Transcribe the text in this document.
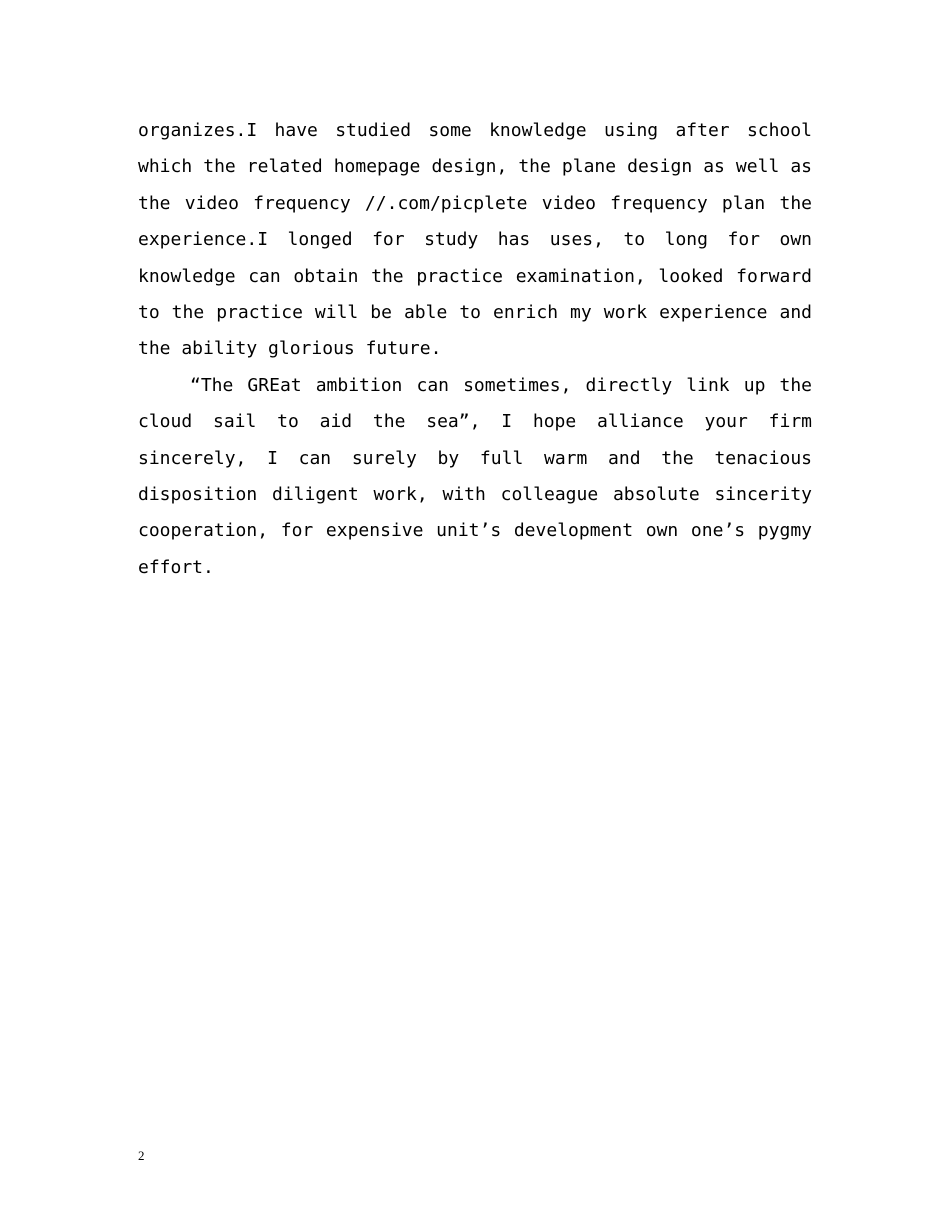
organizes.I have studied some knowledge using after school which the related homepage design, the plane design as well as the video frequency //.com/picplete video frequency plan the experience.I longed for study has uses, to long for own knowledge can obtain the practice examination, looked forward to the practice will be able to enrich my work experience and the ability glorious future.

“The GREat ambition can sometimes, directly link up the cloud sail to aid the sea”, I hope alliance your firm sincerely, I can surely by full warm and the tenacious disposition diligent work, with colleague absolute sincerity cooperation, for expensive unit’s development own one’s pygmy effort.

2
